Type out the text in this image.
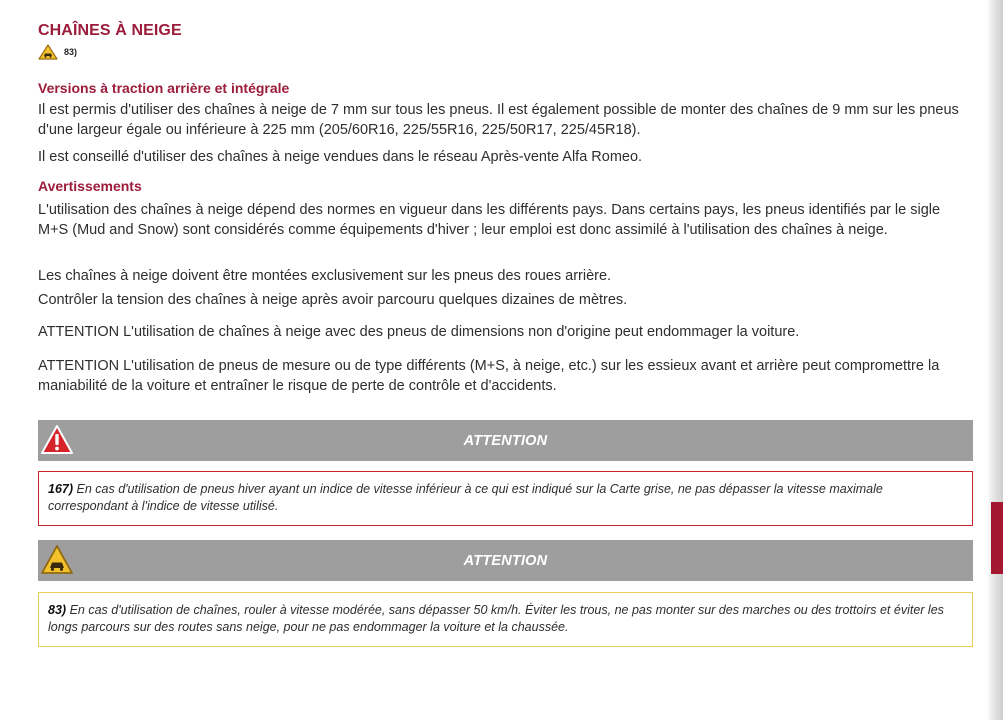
CHAÎNES À NEIGE
83)
Versions à traction arrière et intégrale
Il est permis d'utiliser des chaînes à neige de 7 mm sur tous les pneus. Il est également possible de monter des chaînes de 9 mm sur les pneus d'une largeur égale ou inférieure à 225 mm (205/60R16, 225/55R16, 225/50R17, 225/45R18).
Il est conseillé d'utiliser des chaînes à neige vendues dans le réseau Après-vente Alfa Romeo.
Avertissements
L'utilisation des chaînes à neige dépend des normes en vigueur dans les différents pays. Dans certains pays, les pneus identifiés par le sigle M+S (Mud and Snow) sont considérés comme équipements d'hiver ; leur emploi est donc assimilé à l'utilisation des chaînes à neige.
Les chaînes à neige doivent être montées exclusivement sur les pneus des roues arrière.
Contrôler la tension des chaînes à neige après avoir parcouru quelques dizaines de mètres.
ATTENTION L'utilisation de chaînes à neige avec des pneus de dimensions non d'origine peut endommager la voiture.
ATTENTION L'utilisation de pneus de mesure ou de type différents (M+S, à neige, etc.) sur les essieux avant et arrière peut compromettre la maniabilité de la voiture et entraîner le risque de perte de contrôle et d'accidents.
ATTENTION
167) En cas d'utilisation de pneus hiver ayant un indice de vitesse inférieur à ce qui est indiqué sur la Carte grise, ne pas dépasser la vitesse maximale correspondant à l'indice de vitesse utilisé.
ATTENTION
83) En cas d'utilisation de chaînes, rouler à vitesse modérée, sans dépasser 50 km/h. Éviter les trous, ne pas monter sur des marches ou des trottoirs et éviter les longs parcours sur des routes sans neige, pour ne pas endommager la voiture et la chaussée.
